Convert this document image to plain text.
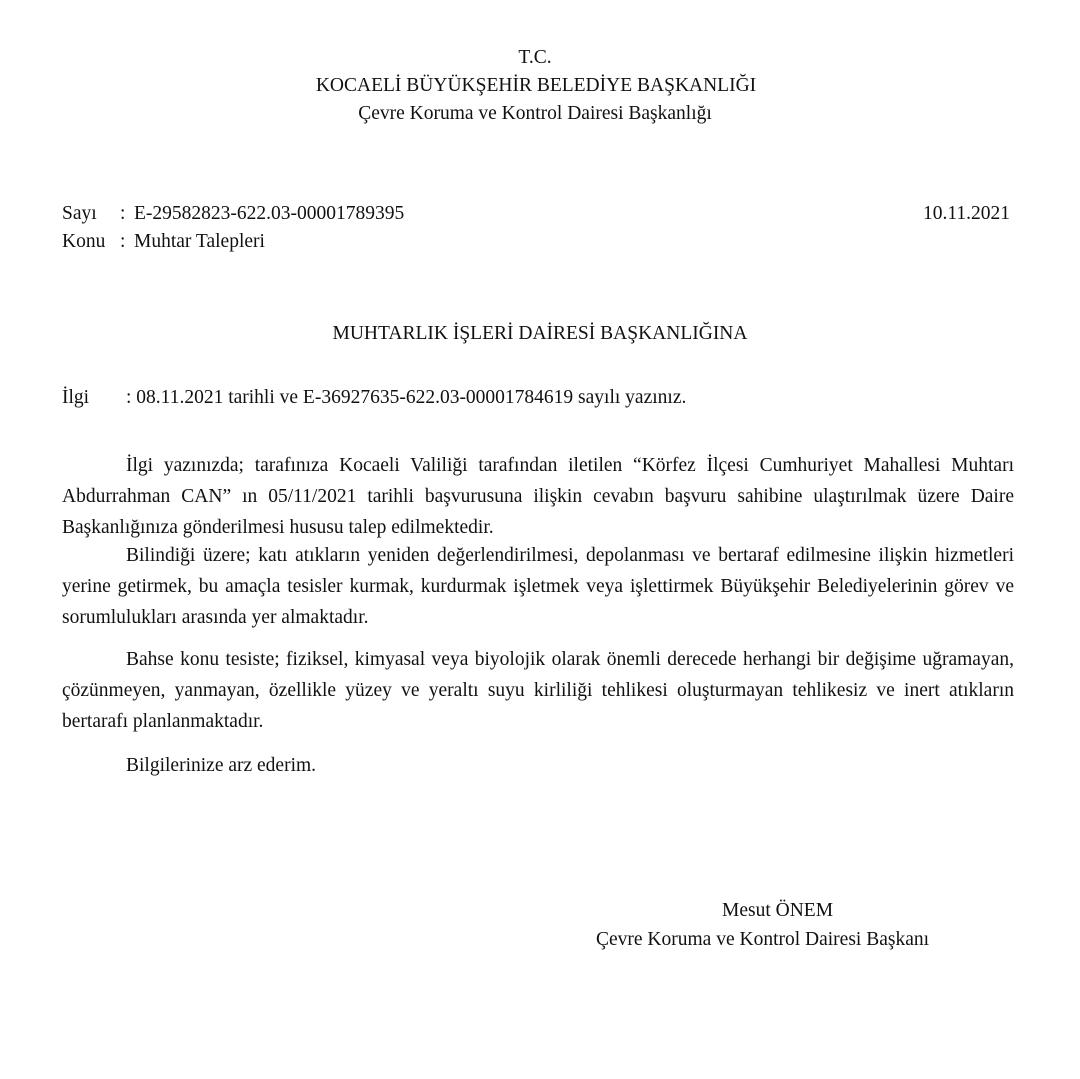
T.C.
KOCAELİ BÜYÜKŞEHİR BELEDİYE BAŞKANLIĞI
Çevre Koruma ve Kontrol Dairesi Başkanlığı
Sayı : E-29582823-622.03-00001789395
Konu : Muhtar Talepleri
10.11.2021
MUHTARLIK İŞLERİ DAİRESİ BAŞKANLIĞINA
İlgi : 08.11.2021 tarihli ve E-36927635-622.03-00001784619 sayılı yazınız.
İlgi yazınızda; tarafınıza Kocaeli Valiliği tarafından iletilen “Körfez İlçesi Cumhuriyet Mahallesi Muhtarı Abdurrahman CAN” ın 05/11/2021 tarihli başvurusuna ilişkin cevabın başvuru sahibine ulaştırılmak üzere Daire Başkanlığınıza gönderilmesi hususu talep edilmektedir.
Bilindiği üzere; katı atıkların yeniden değerlendirilmesi, depolanması ve bertaraf edilmesine ilişkin hizmetleri yerine getirmek, bu amaçla tesisler kurmak, kurdurmak işletmek veya işlettirmek Büyükşehir Belediyelerinin görev ve sorumlulukları arasında yer almaktadır.
Bahse konu tesiste; fiziksel, kimyasal veya biyolojik olarak önemli derecede herhangi bir değişime uğramayan, çözünmeyen, yanmayan, özellikle yüzey ve yeraltı suyu kirliliği tehlikesi oluşturmayan tehlikesiz ve inert atıkların bertarafı planlanmaktadır.
Bilgilerinize arz ederim.
Mesut ÖNEM
Çevre Koruma ve Kontrol Dairesi Başkanı
